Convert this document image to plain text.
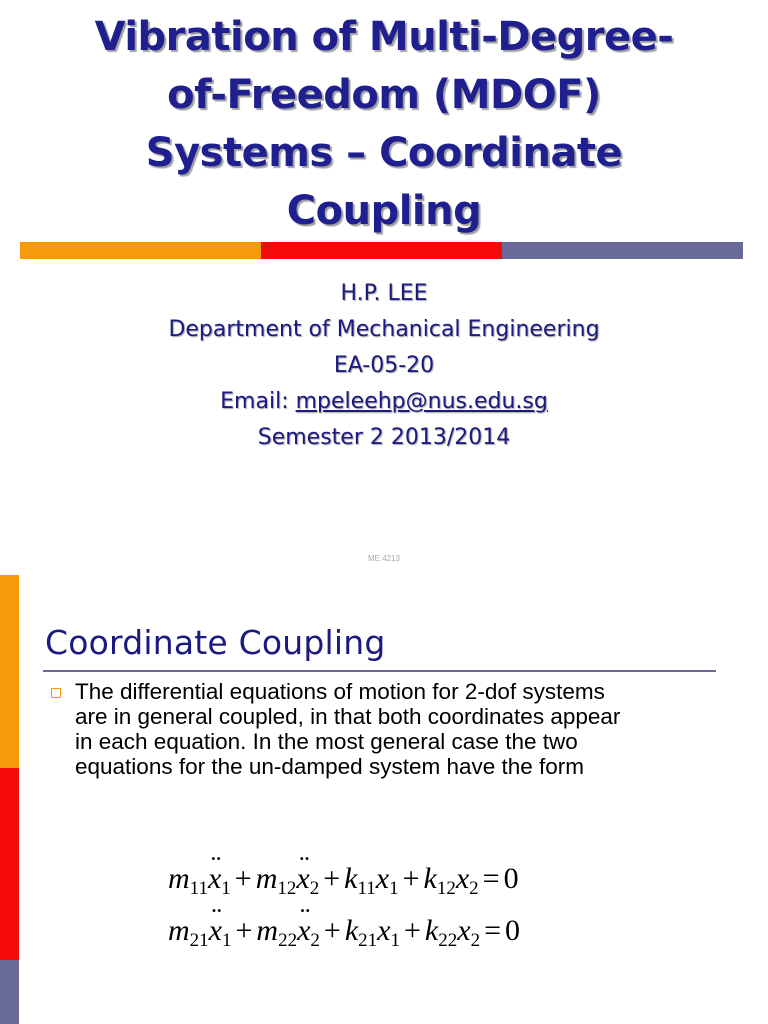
Vibration of Multi-Degree-
of-Freedom (MDOF)
Systems – Coordinate
Coupling
H.P. LEE
Department of Mechanical Engineering
EA-05-20
Email: mpeleehp@nus.edu.sg
Semester 2 2013/2014
ME 4213
Coordinate Coupling

The differential equations of motion for 2-dof systems
are in general coupled, in that both coordinates appear
in each equation. In the most general case the two
equations for the un-damped system have the form

$m_{11}¨$ $x_1$ + $m_{12}¨$ $x_2 + k_{11}x_1 + k_{12}x_2 = 0$
$m_{21}¨$ $x_1$ + $m_{22}¨$ $x_2 + k_{21}x_1 + k_{22}x_2 = 0$
